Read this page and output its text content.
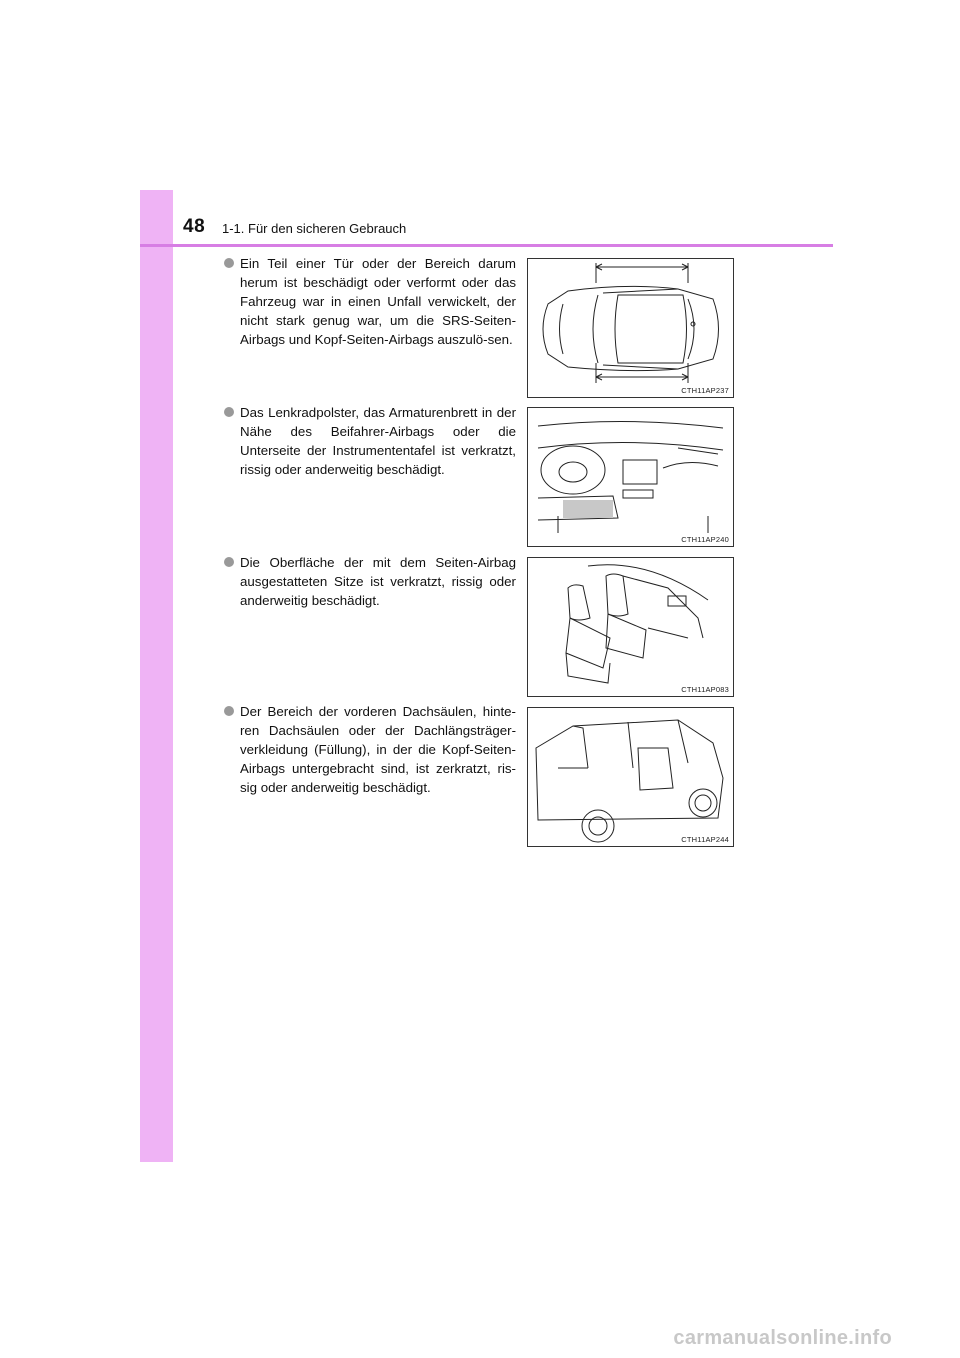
48 1-1. Für den sicheren Gebrauch
Ein Teil einer Tür oder der Bereich darum herum ist beschädigt oder verformt oder das Fahrzeug war in einen Unfall verwickelt, der nicht stark genug war, um die SRS-Seiten-Airbags und Kopf-Seiten-Airbags auszulö-sen.
CTH11AP237
Das Lenkradpolster, das Armaturenbrett in der Nähe des Beifahrer-Airbags oder die Unterseite der Instrumententafel ist verkratzt, rissig oder anderweitig beschädigt.
CTH11AP240
Die Oberfläche der mit dem Seiten-Airbag ausgestatteten Sitze ist verkratzt, rissig oder anderweitig beschädigt.
CTH11AP083
Der Bereich der vorderen Dachsäulen, hinte-ren Dachsäulen oder der Dachlängsträger-verkleidung (Füllung), in der die Kopf-Seiten-Airbags untergebracht sind, ist zerkratzt, ris-sig oder anderweitig beschädigt.
CTH11AP244
carmanualsonline.info
